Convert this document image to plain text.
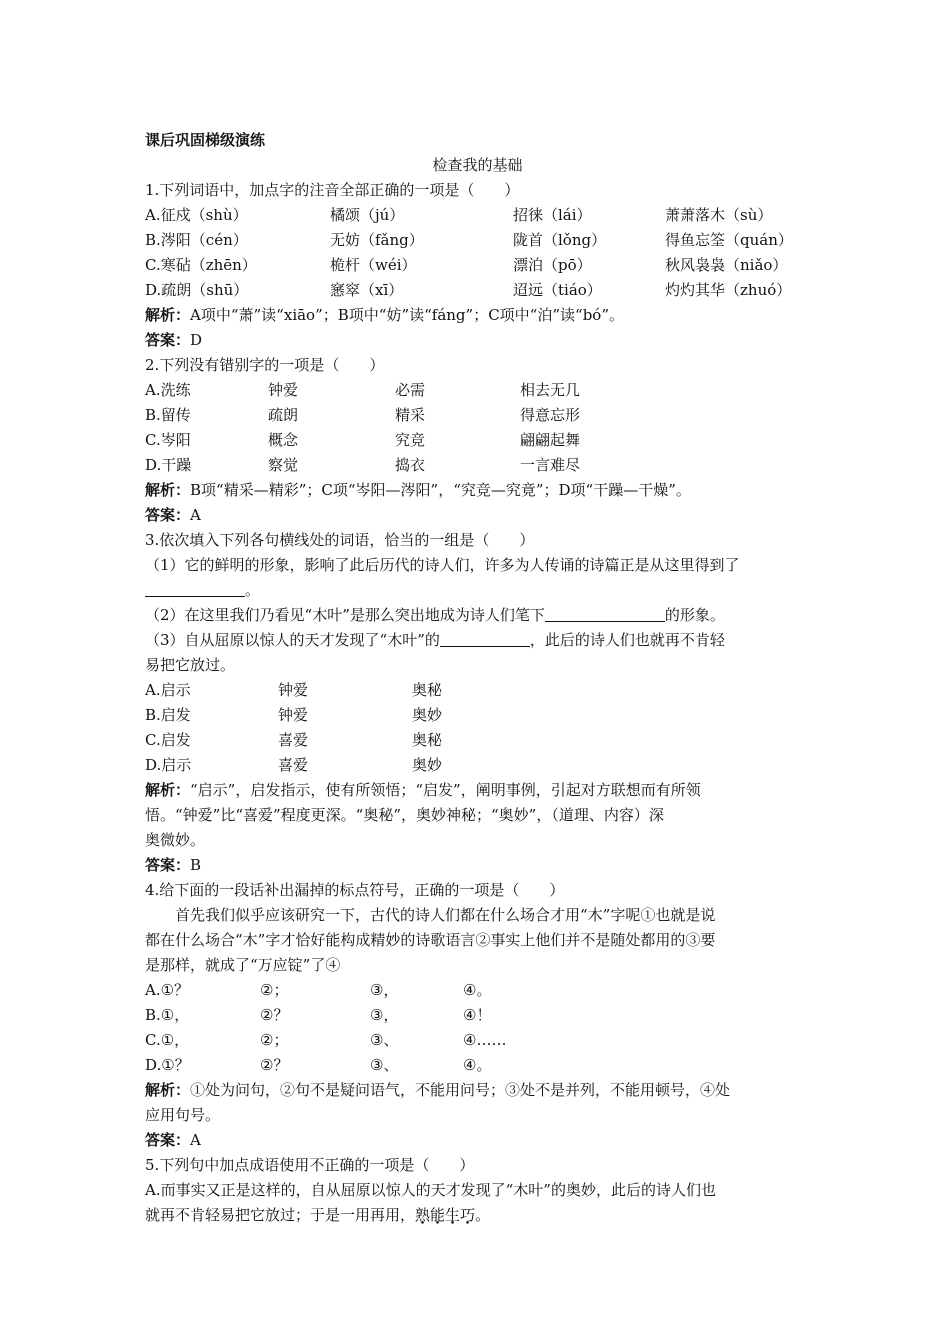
课后巩固梯级演练
检查我的基础
1.下列词语中，加点字的注音全部正确的一项是（　　）
A.征戍（shù）	橘颂（jú）	招徕（lái）	萧萧落木（sù）
B.涔阳（cén）	无妨（fǎng）	陇首（lǒng）	得鱼忘筌（quán）
C.寒砧（zhēn）	桅杆（wéi）	漂泊（pō）	秋风袅袅（niǎo）
D.疏朗（shū）	窸窣（xī）	迢远（tiáo）	灼灼其华（zhuó）
解析：A项中“萧”读“xiāo”；B项中“妨”读“fáng”；C项中“泊”读“bó”。
答案：D
2.下列没有错别字的一项是（　　）
A.洗练	钟爱	必需	相去无几
B.留传	疏朗	精采	得意忘形
C.岑阳	概念	究竞	翩翩起舞
D.干躁	察觉	捣衣	一言难尽
解析：B项“精采—精彩”；C项“岑阳—涔阳”，“究竞—究竟”；D项“干躁—干燥”。
答案：A
3.依次填入下列各句横线处的词语，恰当的一组是（　　）
（1）它的鲜明的形象，影响了此后历代的诗人们，许多为人传诵的诗篇正是从这里得到了
。
（2）在这里我们乃看见“木叶”是那么突出地成为诗人们笔下	的形象。
（3）自从屈原以惊人的天才发现了“木叶”的	，此后的诗人们也就再不肯轻
易把它放过。
A.启示	钟爱	奥秘
B.启发	钟爱	奥妙
C.启发	喜爱	奥秘
D.启示	喜爱	奥妙
解析：“启示”，启发指示，使有所领悟；“启发”，阐明事例，引起对方联想而有所领
悟。“钟爱”比“喜爱”程度更深。“奥秘”，奥妙神秘；“奥妙”，（道理、内容）深
奥微妙。
答案：B
4.给下面的一段话补出漏掉的标点符号，正确的一项是（　　）
首先我们似乎应该研究一下，古代的诗人们都在什么场合才用“木”字呢①也就是说
都在什么场合“木”字才恰好能构成精妙的诗歌语言②事实上他们并不是随处都用的③要
是那样，就成了“万应锭”了④
A.①？	②；	③，	④。
B.①，	②？	③，	④！
C.①，	②；	③、	④……
D.①？	②？	③、	④。
解析：①处为问句，②句不是疑问语气，不能用问号；③处不是并列，不能用顿号，④处
应用句号。
答案：A
5.下列句中加点成语使用不正确的一项是（　　）
A.而事实又正是这样的，自从屈原以惊人的天才发现了“木叶”的奥妙，此后的诗人们也
就再不肯轻易把它放过；于是一用再用，熟能生巧。
